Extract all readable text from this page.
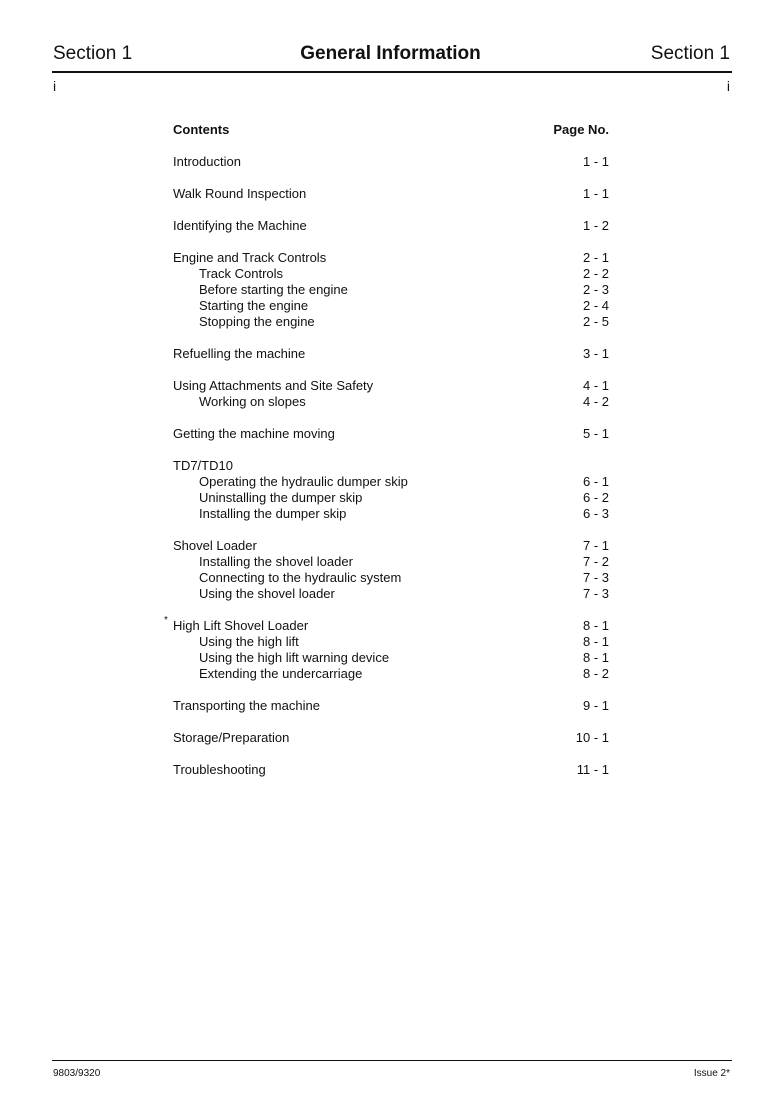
Section 1	General Information	Section 1
i	i
Contents	Page No.
Introduction	1 - 1
Walk Round Inspection	1 - 1
Identifying the Machine	1 - 2
Engine and Track Controls	2 - 1
Track Controls	2 - 2
Before starting the engine	2 - 3
Starting the engine	2 - 4
Stopping the engine	2 - 5
Refuelling the machine	3 - 1
Using Attachments and Site Safety	4 - 1
Working on slopes	4 - 2
Getting the machine moving	5 - 1
TD7/TD10
Operating the hydraulic dumper skip	6 - 1
Uninstalling the dumper skip	6 - 2
Installing the dumper skip	6 - 3
Shovel Loader	7 - 1
Installing the shovel loader	7 - 2
Connecting to the hydraulic system	7 - 3
Using the shovel loader	7 - 3
* High Lift Shovel Loader	8 - 1
Using the high lift	8 - 1
Using the high lift warning device	8 - 1
Extending the undercarriage	8 - 2
Transporting the machine	9 - 1
Storage/Preparation	10 - 1
Troubleshooting	11 - 1
9803/9320	Issue 2*
